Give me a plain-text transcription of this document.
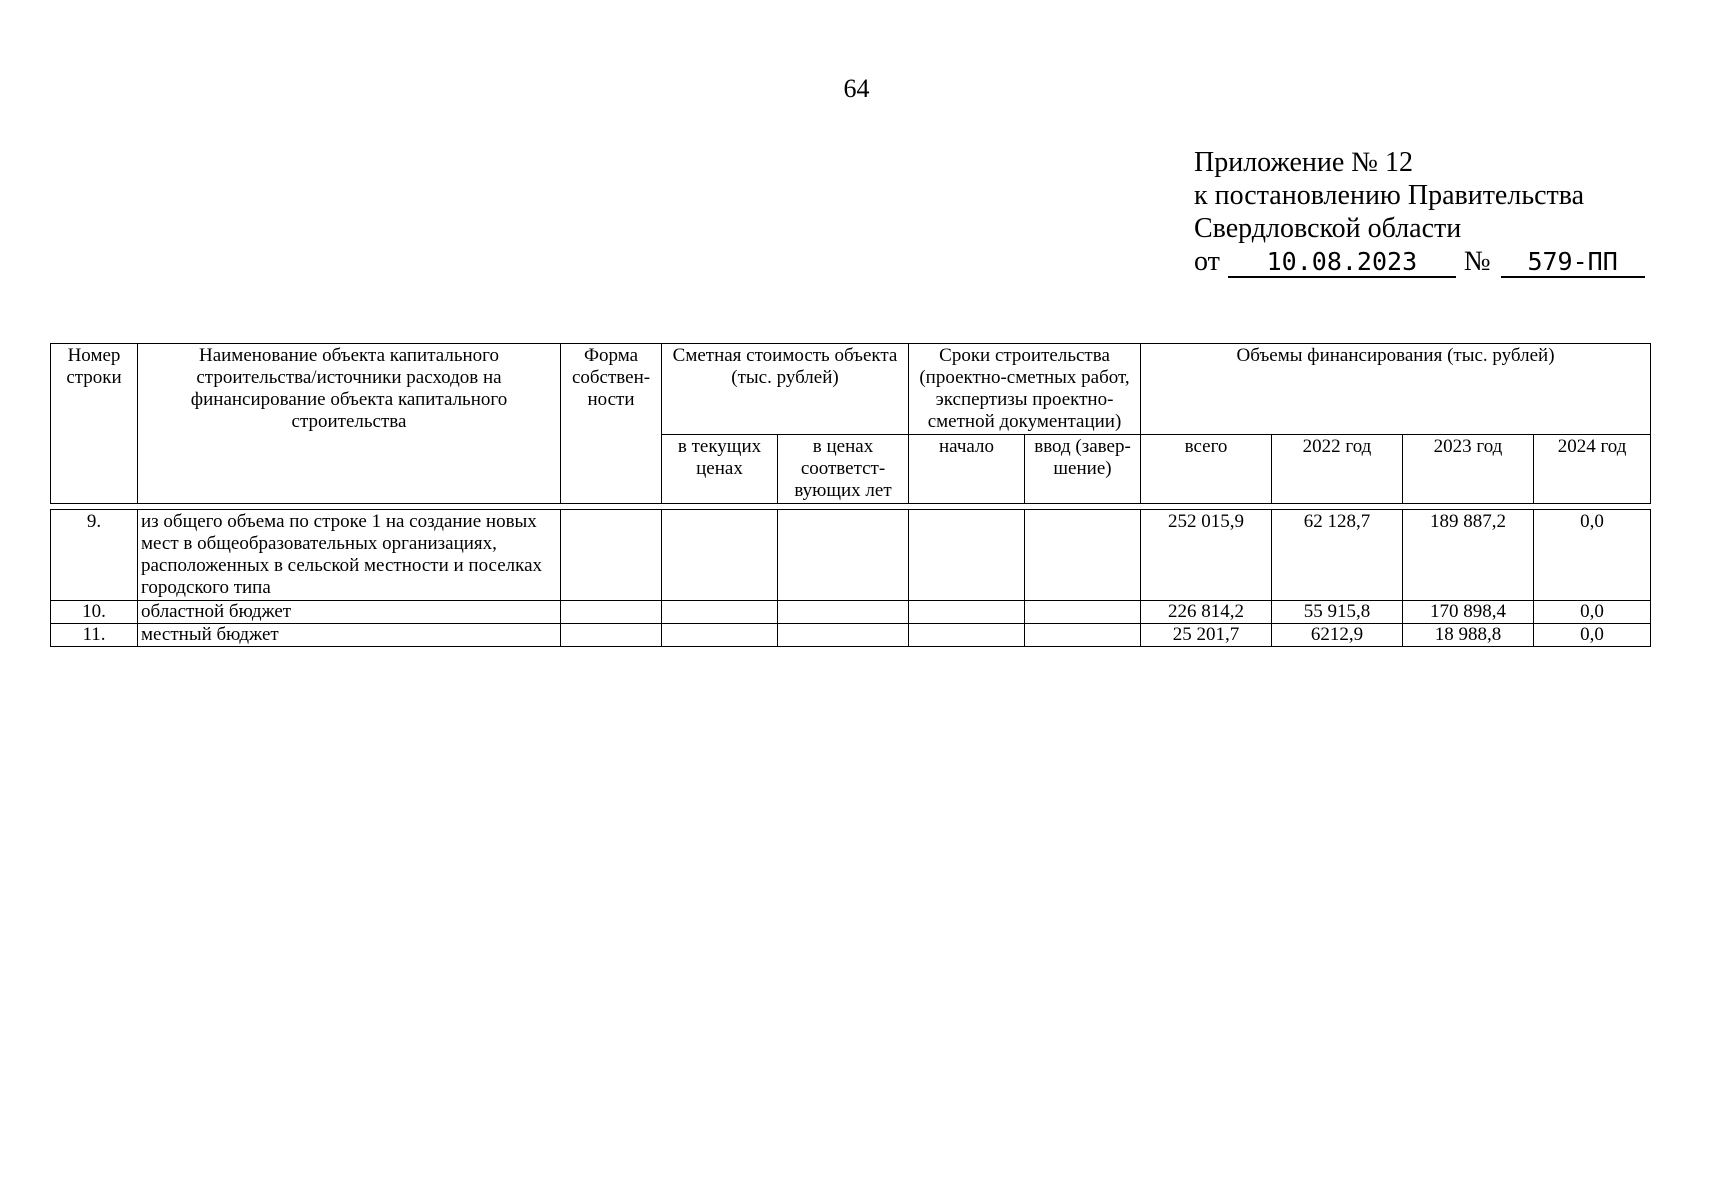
64
Приложение № 12
к постановлению Правительства
Свердловской области
от 10.08.2023 № 579-ПП
Номер строки	Наименование объекта капитального строительства/источники расходов на финансирование объекта капитального строительства	Форма собствен-ности	Сметная стоимость объекта (тыс. рублей)		Сроки строительства (проектно-сметных работ, экспертизы проектно-сметной документации)		Объемы финансирования (тыс. рублей)			
			в текущих ценах	в ценах соответст-вующих лет	начало	ввод (завер-шение)	всего	2022 год	2023 год	2024 год

9.	из общего объема по строке 1 на создание новых мест в общеобразовательных организациях, расположенных в сельской местности и поселках городского типа						252 015,9	62 128,7	189 887,2	0,0
10.	областной бюджет						226 814,2	55 915,8	170 898,4	0,0
11.	местный бюджет						25 201,7	6212,9	18 988,8	0,0
